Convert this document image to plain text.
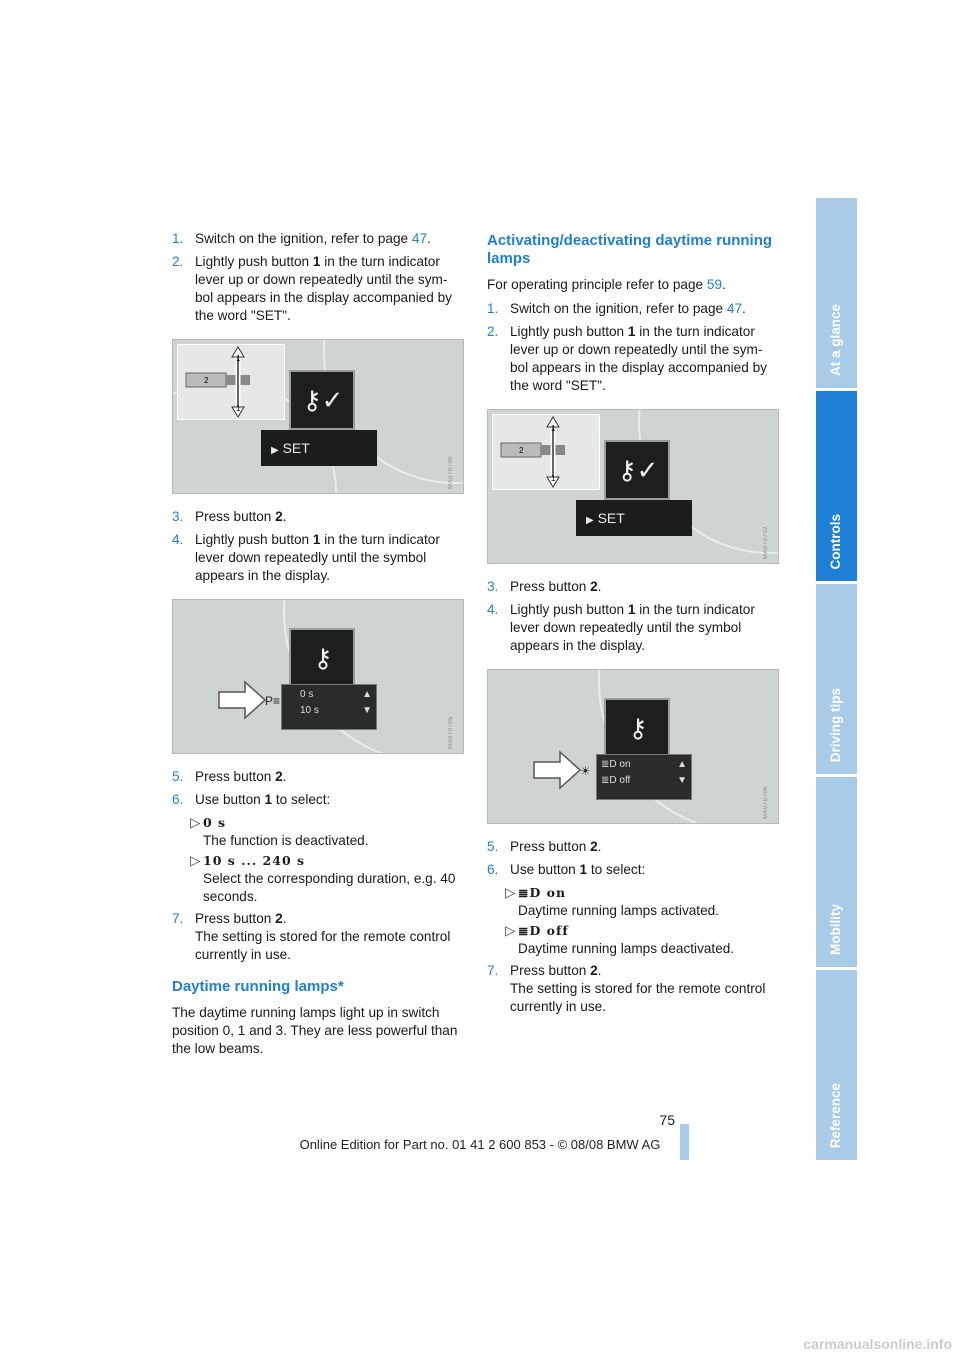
1. Switch on the ignition, refer to page 47.
2. Lightly push button 1 in the turn indicator lever up or down repeatedly until the sym-bol appears in the display accompanied by the word "SET".
1
1
2
⚷✓
▶ SET
MA070700
3. Press button 2.
4. Lightly push button 1 in the turn indicator lever down repeatedly until the symbol appears in the display.
⚷
P≡	0 s	▲
10 s	▼
MA070705
5. Press button 2.
6. Use button 1 to select:
▷ 0 s
The function is deactivated.
▷ 10 s ... 240 s
Select the corresponding duration, e.g. 40 seconds.
7. Press button 2.
The setting is stored for the remote control currently in use.
Daytime running lamps*

The daytime running lamps light up in switch position 0, 1 and 3. They are less powerful than the low beams.

Activating/deactivating daytime running lamps

For operating principle refer to page 59.

1. Switch on the ignition, refer to page 47.
2. Lightly push button 1 in the turn indicator lever up or down repeatedly until the sym-bol appears in the display accompanied by the word "SET".
1
1
2
⚷✓
▶ SET
MA070702
3. Press button 2.
4. Lightly push button 1 in the turn indicator lever down repeatedly until the symbol appears in the display.
⚷
☀	≣D on	▲
≣D off	▼
MA070706
5. Press button 2.
6. Use button 1 to select:
▷ ≣D on
Daytime running lamps activated.
▷ ≣D off
Daytime running lamps deactivated.
7. Press button 2.
The setting is stored for the remote control currently in use.
At a glance
Controls
Driving tips
Mobility
Reference
75
Online Edition for Part no. 01 41 2 600 853 - © 08/08 BMW AG
carmanualsonline.info
